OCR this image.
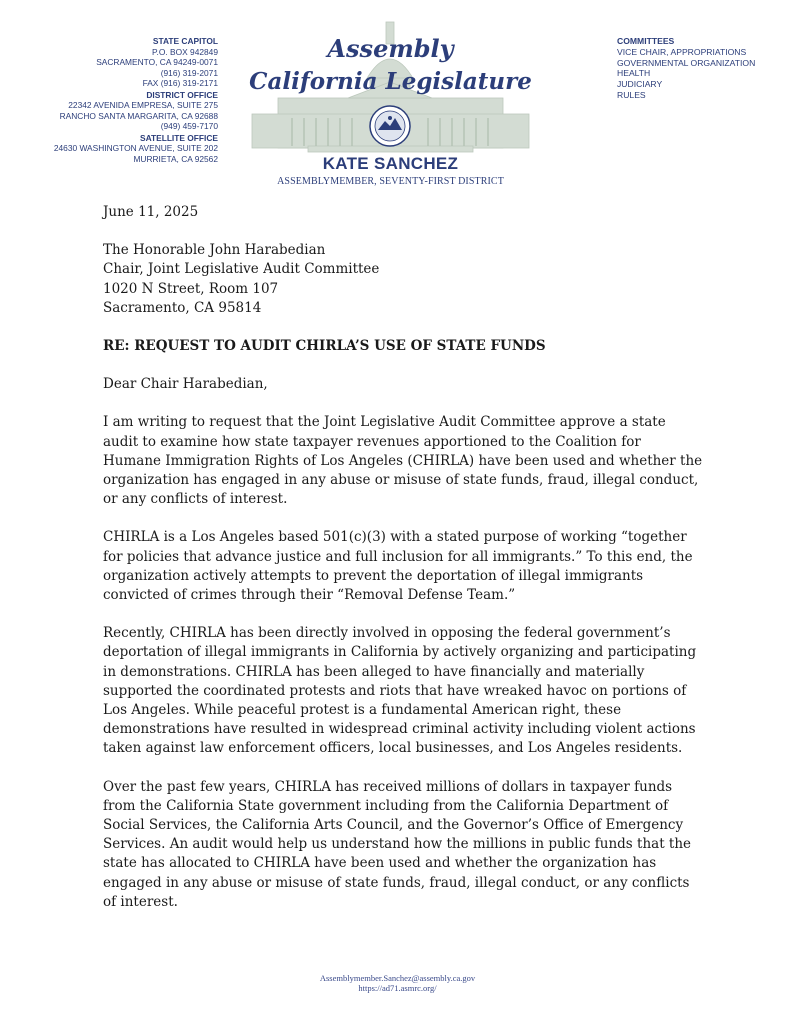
STATE CAPITOL
P.O. BOX 942849
SACRAMENTO, CA 94249-0071
(916) 319-2071
FAX (916) 319-2171
DISTRICT OFFICE
22342 AVENIDA EMPRESA, SUITE 275
RANCHO SANTA MARGARITA, CA 92688
(949) 459-7170
SATELLITE OFFICE
24630 WASHINGTON AVENUE, SUITE 202
MURRIETA, CA 92562
Assembly
California Legislature
KATE SANCHEZ
ASSEMBLYMEMBER, SEVENTY-FIRST DISTRICT
COMMITTEES
VICE CHAIR, APPROPRIATIONS
GOVERNMENTAL ORGANIZATION
HEALTH
JUDICIARY
RULES

June 11, 2025

The Honorable John Harabedian
Chair, Joint Legislative Audit Committee
1020 N Street, Room 107
Sacramento, CA 95814

RE: REQUEST TO AUDIT CHIRLA’S USE OF STATE FUNDS

Dear Chair Harabedian,

I am writing to request that the Joint Legislative Audit Committee approve a state audit to examine how state taxpayer revenues apportioned to the Coalition for Humane Immigration Rights of Los Angeles (CHIRLA) have been used and whether the organization has engaged in any abuse or misuse of state funds, fraud, illegal conduct, or any conflicts of interest.

CHIRLA is a Los Angeles based 501(c)(3) with a stated purpose of working “together for policies that advance justice and full inclusion for all immigrants.” To this end, the organization actively attempts to prevent the deportation of illegal immigrants convicted of crimes through their “Removal Defense Team.”

Recently, CHIRLA has been directly involved in opposing the federal government’s deportation of illegal immigrants in California by actively organizing and participating in demonstrations. CHIRLA has been alleged to have financially and materially supported the coordinated protests and riots that have wreaked havoc on portions of Los Angeles. While peaceful protest is a fundamental American right, these demonstrations have resulted in widespread criminal activity including violent actions taken against law enforcement officers, local businesses, and Los Angeles residents.

Over the past few years, CHIRLA has received millions of dollars in taxpayer funds from the California State government including from the California Department of Social Services, the California Arts Council, and the Governor’s Office of Emergency Services. An audit would help us understand how the millions in public funds that the state has allocated to CHIRLA have been used and whether the organization has engaged in any abuse or misuse of state funds, fraud, illegal conduct, or any conflicts of interest.

Assemblymember.Sanchez@assembly.ca.gov
https://ad71.asmrc.org/
